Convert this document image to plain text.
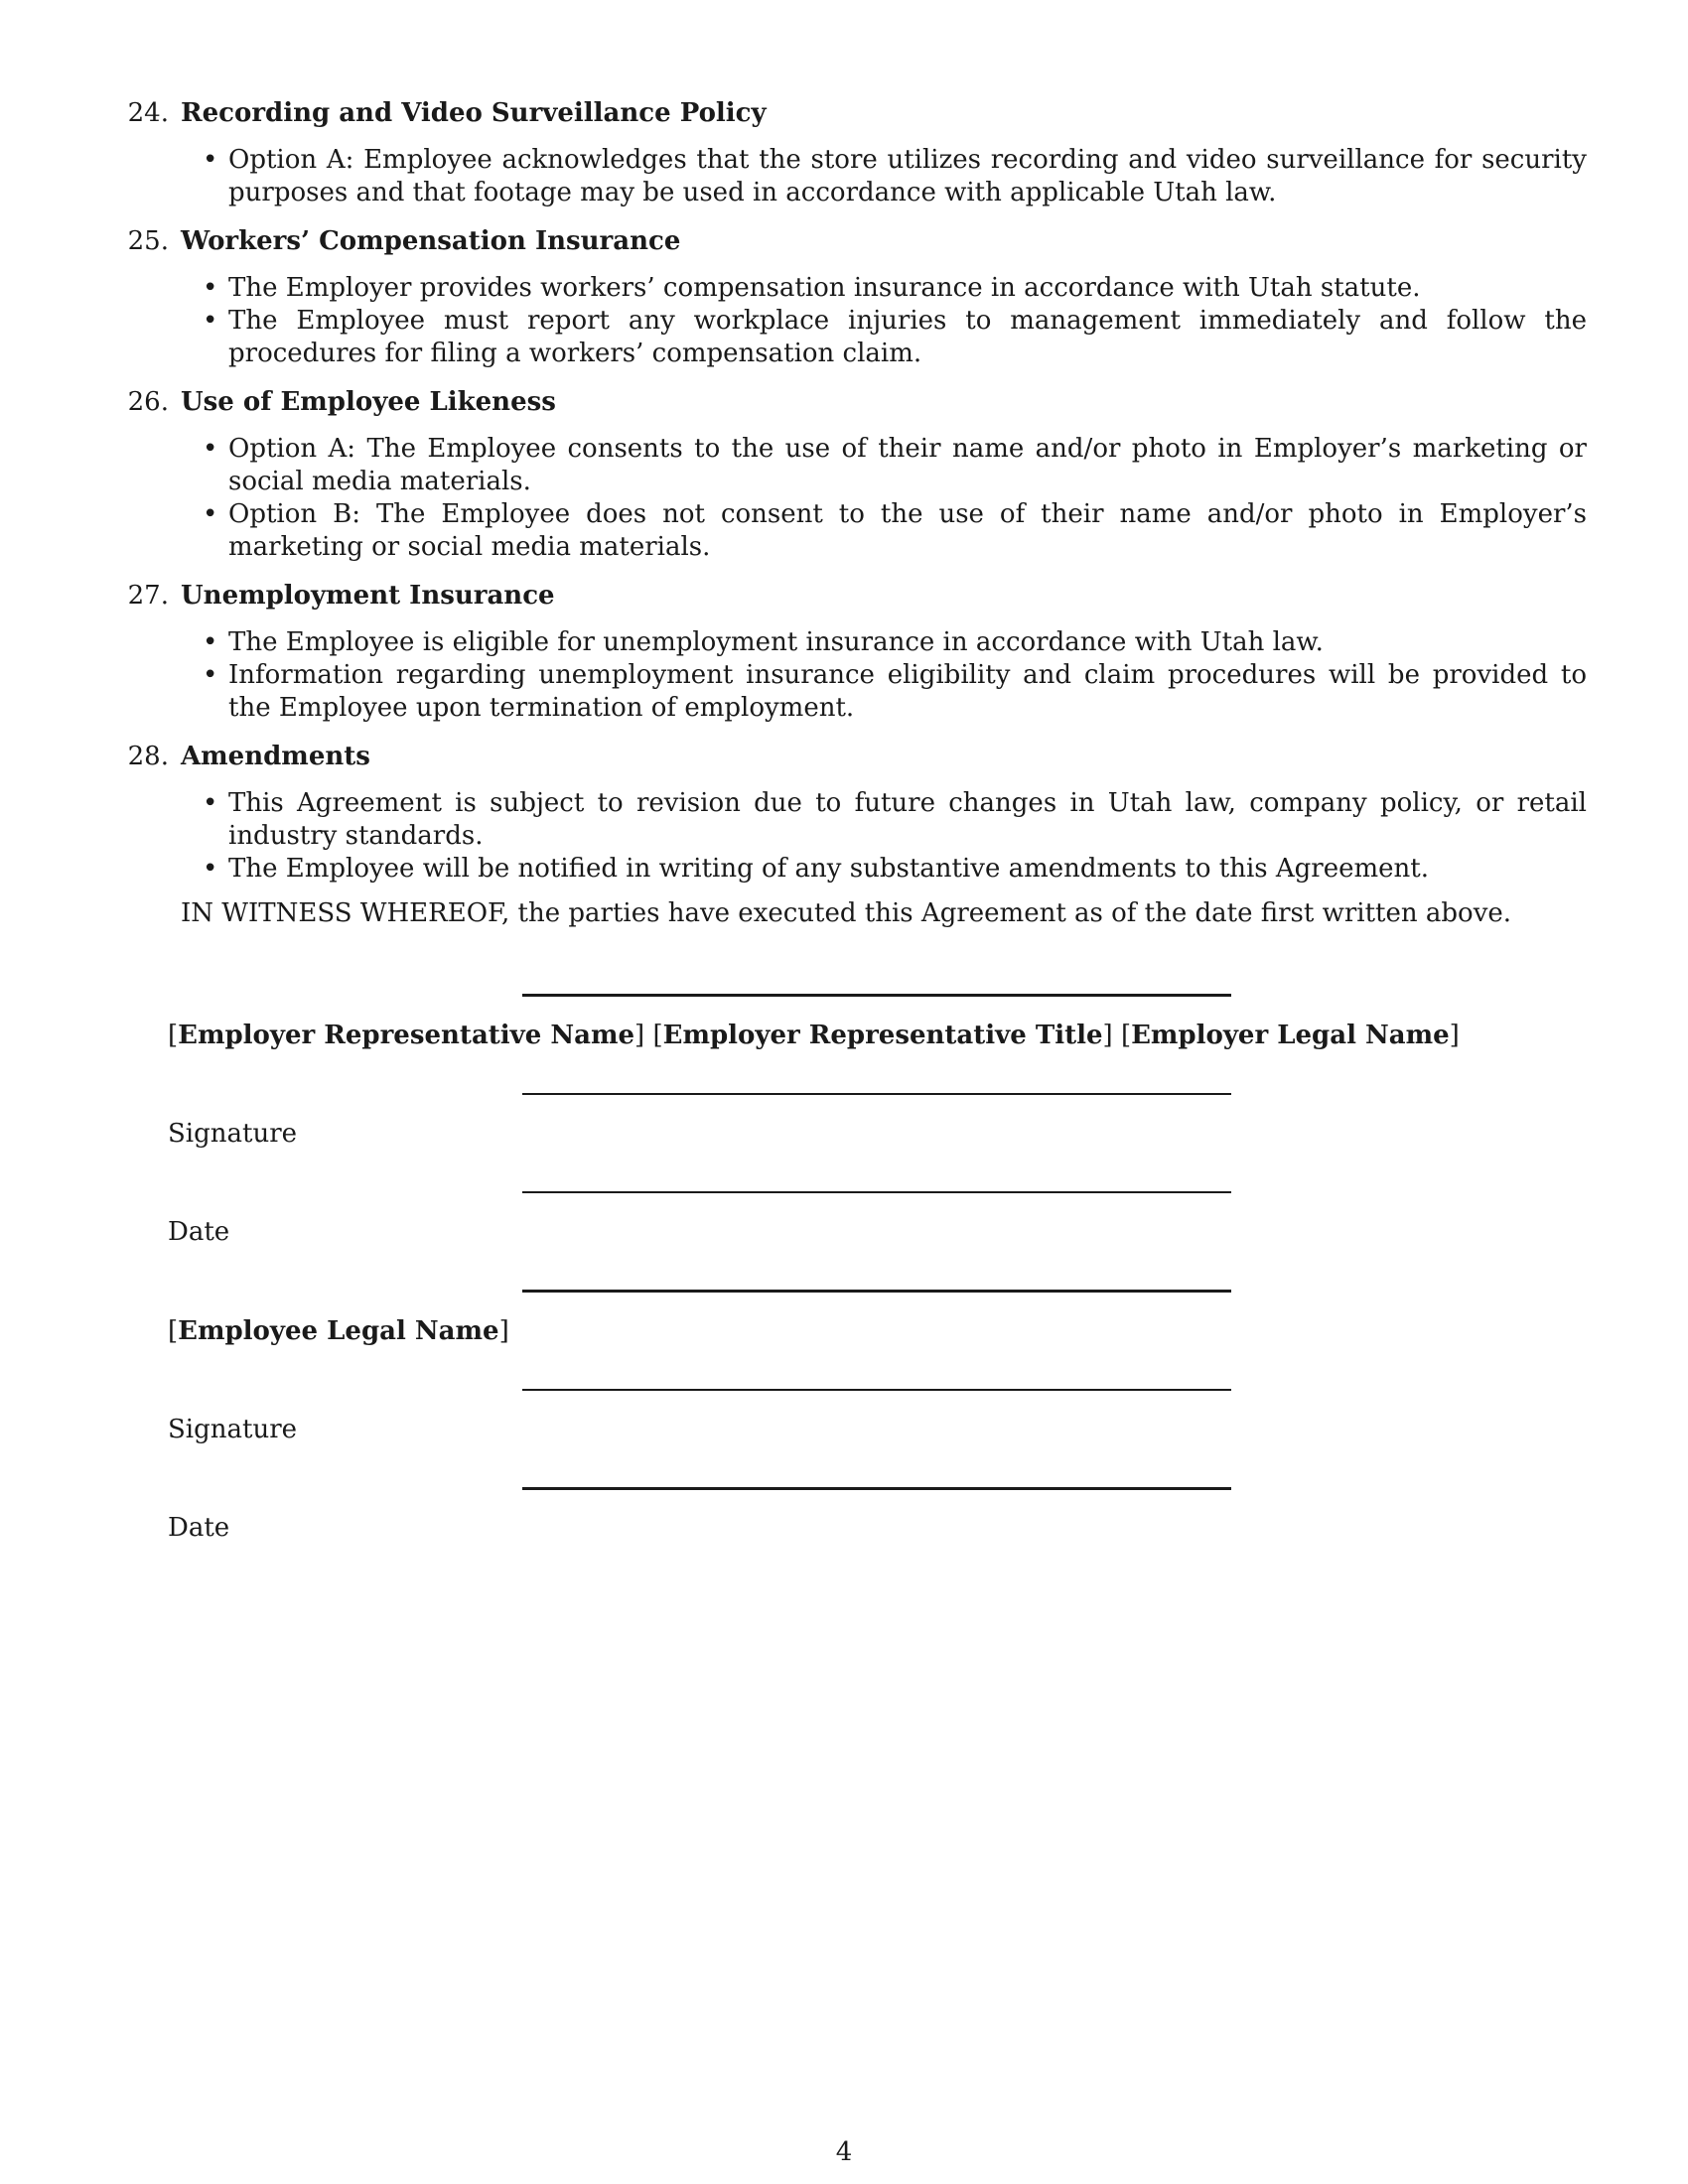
24. Recording and Video Surveillance Policy
• Option A: Employee acknowledges that the store utilizes recording and video surveillance for security purposes and that footage may be used in accordance with applicable Utah law.
25. Workers’ Compensation Insurance
• The Employer provides workers’ compensation insurance in accordance with Utah statute.
• The Employee must report any workplace injuries to management immediately and follow the procedures for filing a workers’ compensation claim.
26. Use of Employee Likeness
• Option A: The Employee consents to the use of their name and/or photo in Employer’s marketing or social media materials.
• Option B: The Employee does not consent to the use of their name and/or photo in Employer’s marketing or social media materials.
27. Unemployment Insurance
• The Employee is eligible for unemployment insurance in accordance with Utah law.
• Information regarding unemployment insurance eligibility and claim procedures will be provided to the Employee upon termination of employment.
28. Amendments
• This Agreement is subject to revision due to future changes in Utah law, company policy, or retail industry standards.
• The Employee will be notified in writing of any substantive amendments to this Agreement.

IN WITNESS WHEREOF, the parties have executed this Agreement as of the date first written above.

[Employer Representative Name] [Employer Representative Title] [Employer Legal Name]
Signature
Date
[Employee Legal Name]
Signature
Date
4
